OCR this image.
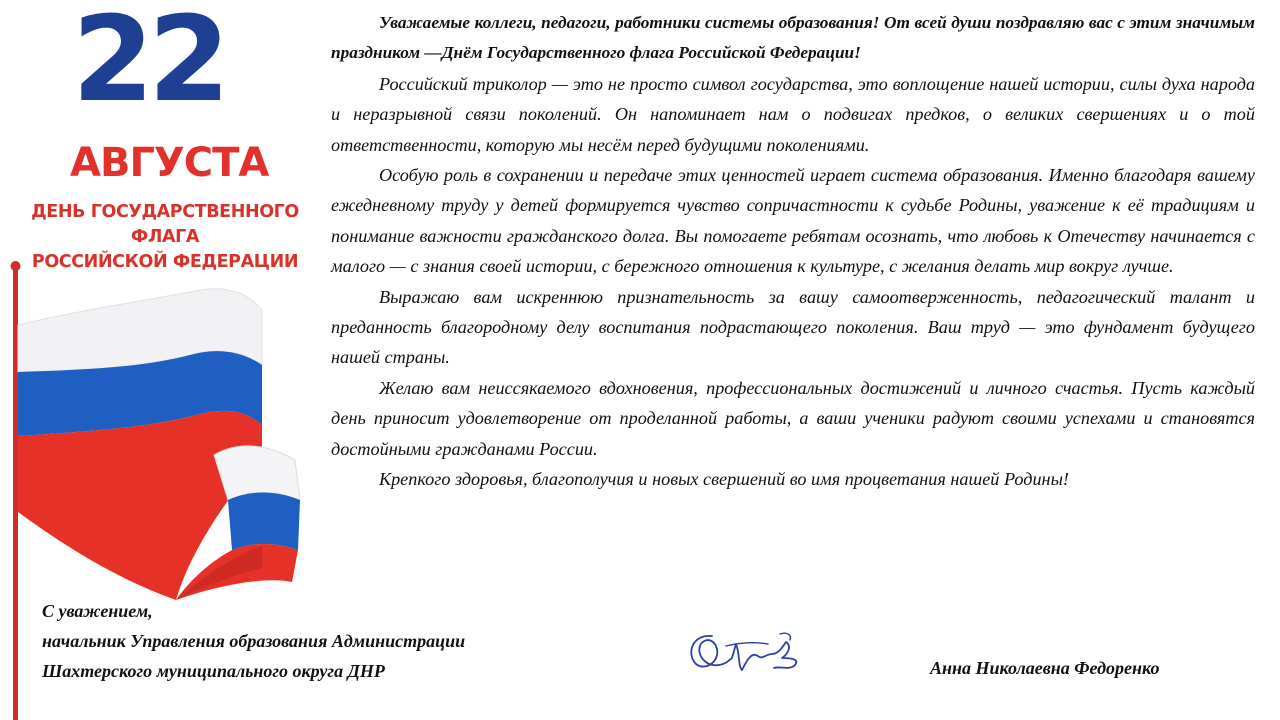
22
АВГУСТА
ДЕНЬ ГОСУДАРСТВЕННОГО ФЛАГА
РОССИЙСКОЙ ФЕДЕРАЦИИ

Уважаемые коллеги, педагоги, работники системы образования! От всей души поздравляю вас с этим значимым праздником —Днём Государственного флага Российской Федерации!

Российский триколор — это не просто символ государства, это воплощение нашей истории, силы духа народа и неразрывной связи поколений. Он напоминает нам о подвигах предков, о великих свершениях и о той ответственности, которую мы несём перед будущими поколениями.

Особую роль в сохранении и передаче этих ценностей играет система образования. Именно благодаря вашему ежедневному труду у детей формируется чувство сопричастности к судьбе Родины, уважение к её традициям и понимание важности гражданского долга. Вы помогаете ребятам осознать, что любовь к Отечеству начинается с малого — с знания своей истории, с бережного отношения к культуре, с желания делать мир вокруг лучше.

Выражаю вам искреннюю признательность за вашу самоотверженность, педагогический талант и преданность благородному делу воспитания подрастающего поколения. Ваш труд — это фундамент будущего нашей страны.

Желаю вам неиссякаемого вдохновения, профессиональных достижений и личного счастья. Пусть каждый день приносит удовлетворение от проделанной работы, а ваши ученики радуют своими успехами и становятся достойными гражданами России.

Крепкого здоровья, благополучия и новых свершений во имя процветания нашей Родины!

С уважением,
начальник Управления образования Администрации
Шахтерского муниципального округа ДНР	Анна Николаевна Федоренко
